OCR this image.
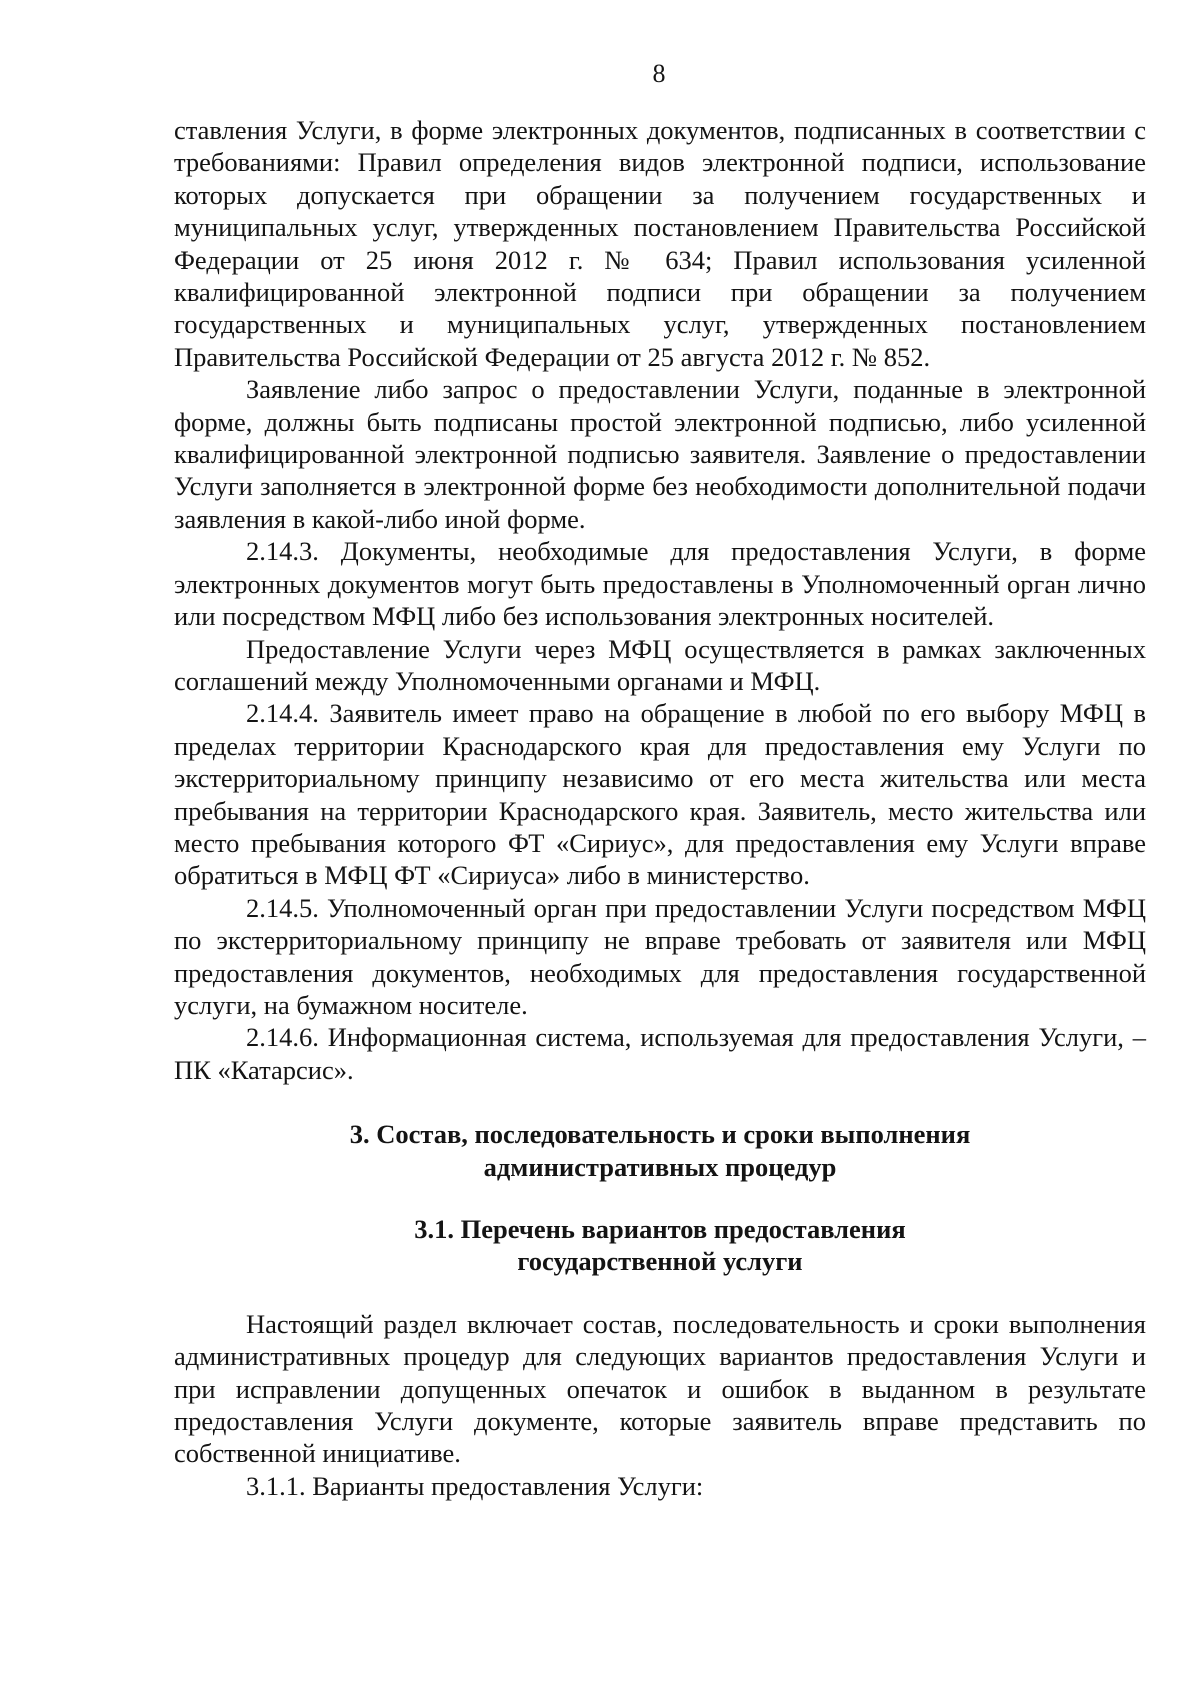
8

ставления Услуги, в форме электронных документов, подписанных в соответствии с требованиями: Правил определения видов электронной подписи, использование которых допускается при обращении за получением государственных и муниципальных услуг, утвержденных постановлением Правительства Российской Федерации от 25 июня 2012 г. № 634; Правил использования усиленной квалифицированной электронной подписи при обращении за получением государственных и муниципальных услуг, утвержденных постановлением Правительства Российской Федерации от 25 августа 2012 г. № 852.

Заявление либо запрос о предоставлении Услуги, поданные в электронной форме, должны быть подписаны простой электронной подписью, либо усиленной квалифицированной электронной подписью заявителя. Заявление о предоставлении Услуги заполняется в электронной форме без необходимости дополнительной подачи заявления в какой-либо иной форме.

2.14.3. Документы, необходимые для предоставления Услуги, в форме электронных документов могут быть предоставлены в Уполномоченный орган лично или посредством МФЦ либо без использования электронных носителей.

Предоставление Услуги через МФЦ осуществляется в рамках заключенных соглашений между Уполномоченными органами и МФЦ.

2.14.4. Заявитель имеет право на обращение в любой по его выбору МФЦ в пределах территории Краснодарского края для предоставления ему Услуги по экстерриториальному принципу независимо от его места жительства или места пребывания на территории Краснодарского края. Заявитель, место жительства или место пребывания которого ФТ «Сириус», для предоставления ему Услуги вправе обратиться в МФЦ ФТ «Сириуса» либо в министерство.

2.14.5. Уполномоченный орган при предоставлении Услуги посредством МФЦ по экстерриториальному принципу не вправе требовать от заявителя или МФЦ предоставления документов, необходимых для предоставления государственной услуги, на бумажном носителе.

2.14.6. Информационная система, используемая для предоставления Услуги, – ПК «Катарсис».

3. Состав, последовательность и сроки выполнения
административных процедур
3.1. Перечень вариантов предоставления
государственной услуги

Настоящий раздел включает состав, последовательность и сроки выполнения административных процедур для следующих вариантов предоставления Услуги и при исправлении допущенных опечаток и ошибок в выданном в результате предоставления Услуги документе, которые заявитель вправе представить по собственной инициативе.

3.1.1. Варианты предоставления Услуги:
